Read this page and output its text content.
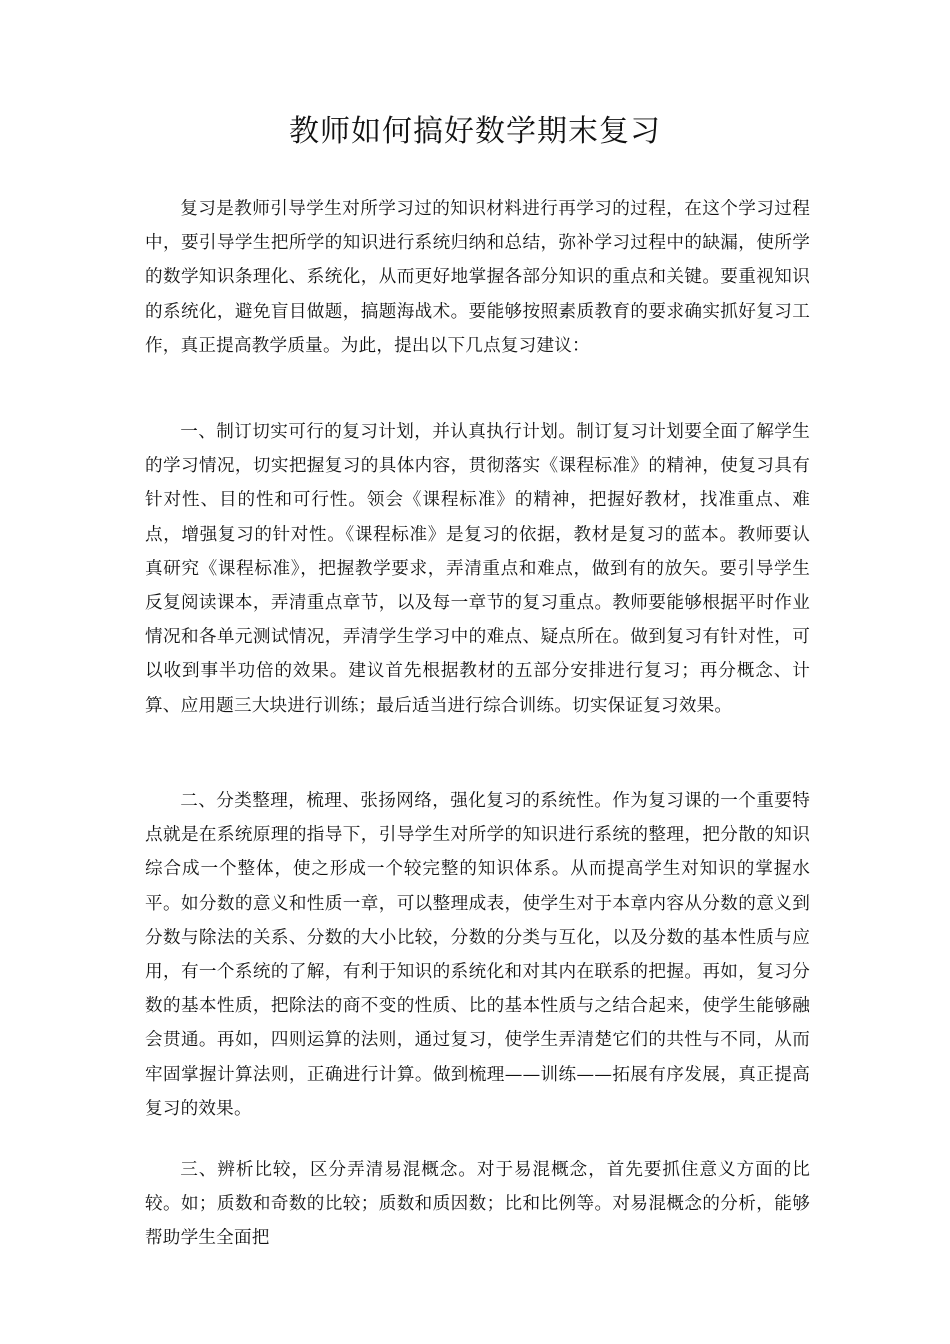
教师如何搞好数学期末复习

复习是教师引导学生对所学习过的知识材料进行再学习的过程，在这个学习过程中，要引导学生把所学的知识进行系统归纳和总结，弥补学习过程中的缺漏，使所学的数学知识条理化、系统化，从而更好地掌握各部分知识的重点和关键。要重视知识的系统化，避免盲目做题，搞题海战术。要能够按照素质教育的要求确实抓好复习工作，真正提高教学质量。为此，提出以下几点复习建议：

一、制订切实可行的复习计划，并认真执行计划。制订复习计划要全面了解学生的学习情况，切实把握复习的具体内容，贯彻落实《课程标准》的精神，使复习具有针对性、目的性和可行性。领会《课程标准》的精神，把握好教材，找准重点、难点，增强复习的针对性。《课程标准》是复习的依据，教材是复习的蓝本。教师要认真研究《课程标准》，把握教学要求，弄清重点和难点，做到有的放矢。要引导学生反复阅读课本，弄清重点章节，以及每一章节的复习重点。教师要能够根据平时作业情况和各单元测试情况，弄清学生学习中的难点、疑点所在。做到复习有针对性，可以收到事半功倍的效果。建议首先根据教材的五部分安排进行复习；再分概念、计算、应用题三大块进行训练；最后适当进行综合训练。切实保证复习效果。

二、分类整理，梳理、张扬网络，强化复习的系统性。作为复习课的一个重要特点就是在系统原理的指导下，引导学生对所学的知识进行系统的整理，把分散的知识综合成一个整体，使之形成一个较完整的知识体系。从而提高学生对知识的掌握水平。如分数的意义和性质一章，可以整理成表，使学生对于本章内容从分数的意义到分数与除法的关系、分数的大小比较，分数的分类与互化，以及分数的基本性质与应用，有一个系统的了解，有利于知识的系统化和对其内在联系的把握。再如，复习分数的基本性质，把除法的商不变的性质、比的基本性质与之结合起来，使学生能够融会贯通。再如，四则运算的法则，通过复习，使学生弄清楚它们的共性与不同，从而牢固掌握计算法则，正确进行计算。做到梳理——训练——拓展有序发展，真正提高复习的效果。

三、辨析比较，区分弄清易混概念。对于易混概念，首先要抓住意义方面的比较。如；质数和奇数的比较；质数和质因数；比和比例等。对易混概念的分析，能够帮助学生全面把
